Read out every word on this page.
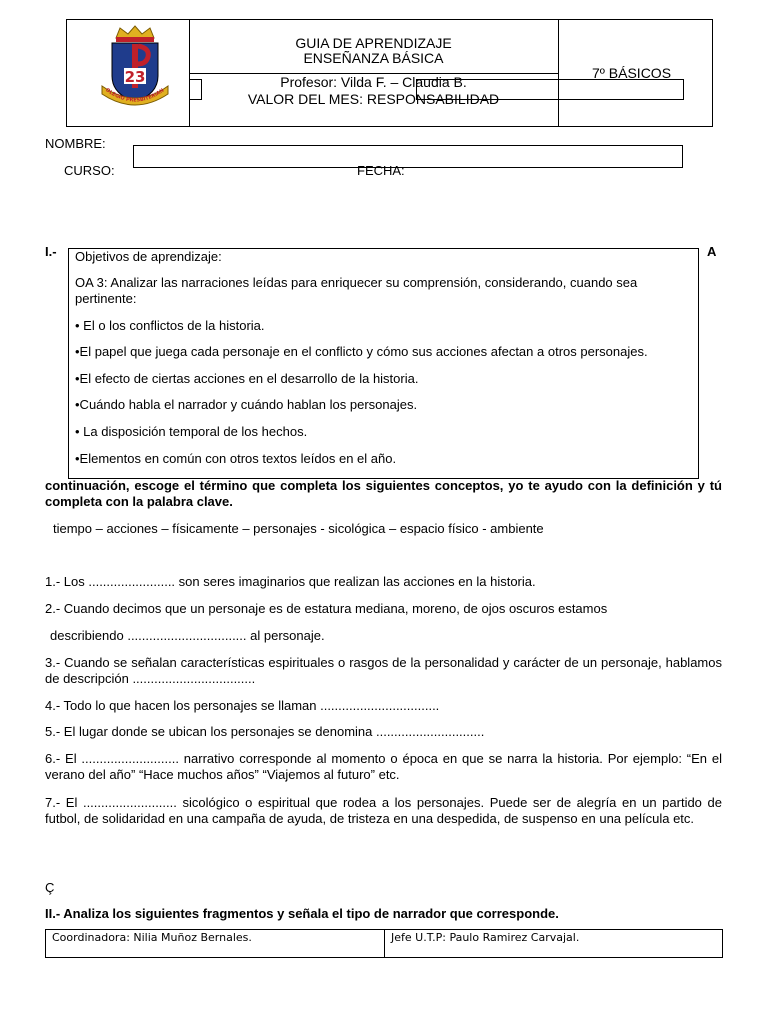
23
OLEGIO PRESBITERIAN
GUIA DE APRENDIZAJE
ENSEÑANZA BÁSICA
Profesor: Vilda F. – Claudia B.
VALOR DEL MES: RESPONSABILIDAD
7º BÁSICOS
NOMBRE:
CURSO:	FECHA:
I.-	A

Objetivos de aprendizaje:

OA 3: Analizar las narraciones leídas para enriquecer su comprensión, considerando, cuando sea pertinente:

• El o los conflictos de la historia.

•El papel que juega cada personaje en el conflicto y cómo sus acciones afectan a otros personajes.

•El efecto de ciertas acciones en el desarrollo de la historia.

•Cuándo habla el narrador y cuándo hablan los personajes.

• La disposición temporal de los hechos.

•Elementos en común con otros textos leídos en el año.

continuación, escoge el término que completa los siguientes conceptos, yo te ayudo con la definición y tú completa con la palabra clave.
tiempo – acciones – físicamente – personajes - sicológica – espacio físico - ambiente
1.- Los ........................ son seres imaginarios que realizan las acciones en la historia.
2.- Cuando decimos que un personaje es de estatura mediana, moreno, de ojos oscuros estamos
describiendo ................................. al personaje.
3.- Cuando se señalan características espirituales o rasgos de la personalidad y carácter de un personaje, hablamos de descripción ..................................
4.- Todo lo que hacen los personajes se llaman .................................
5.- El lugar donde se ubican los personajes se denomina ..............................
6.- El ........................... narrativo corresponde al momento o época en que se narra la historia. Por ejemplo: “En el verano del año” “Hace muchos años” “Viajemos al futuro” etc.
7.- El .......................... sicológico o espiritual que rodea a los personajes. Puede ser de alegría en un partido de futbol, de solidaridad en una campaña de ayuda, de tristeza en una despedida, de suspenso en una película etc.
Ç
II.- Analiza los siguientes fragmentos y señala el tipo de narrador que corresponde.
Coordinadora: Nilia Muñoz Bernales.	Jefe U.T.P: Paulo Ramirez Carvajal.
